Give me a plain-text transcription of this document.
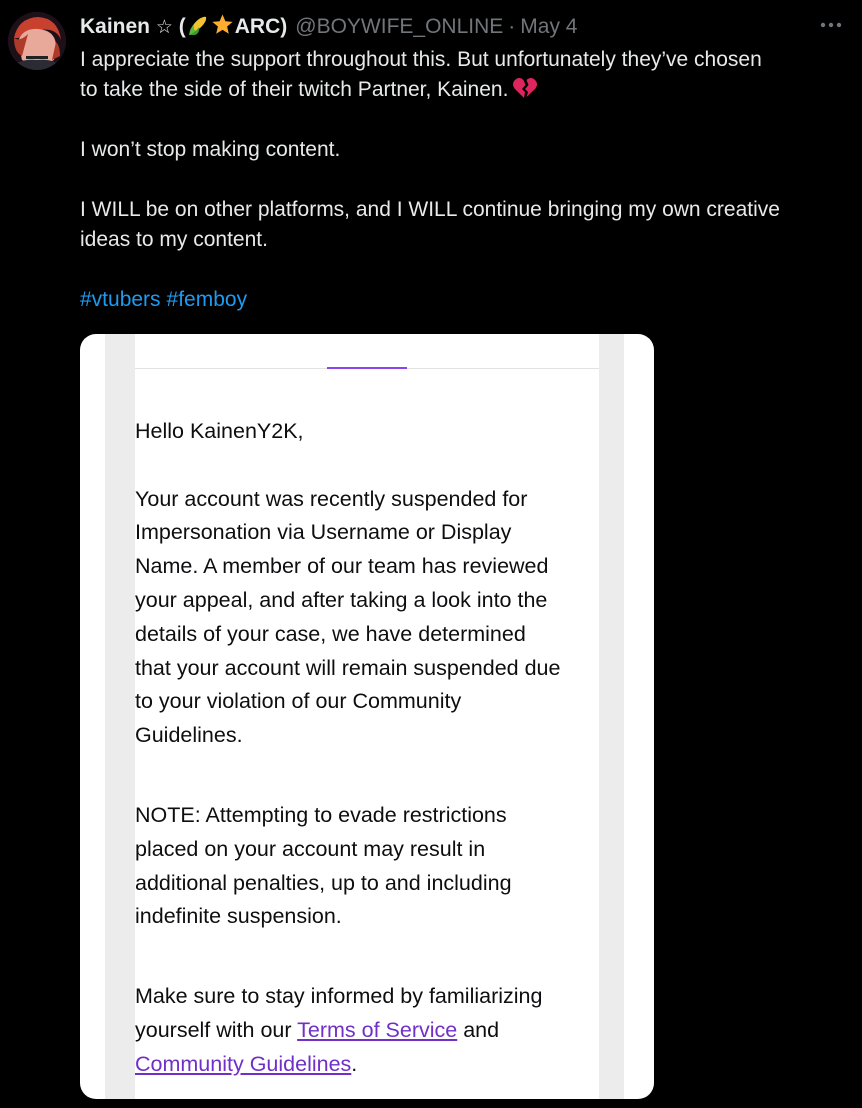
Kainen ☆ ( ARC) @BOYWIFE_ONLINE · May 4

I appreciate the support throughout this. But unfortunately they’ve chosen

to take the side of their twitch Partner, Kainen.

I won’t stop making content.

I WILL be on other platforms, and I WILL continue bringing my own creative

ideas to my content.

#vtubers #femboy

Hello KainenY2K,

Your account was recently suspended for

Impersonation via Username or Display

Name. A member of our team has reviewed

your appeal, and after taking a look into the

details of your case, we have determined

that your account will remain suspended due

to your violation of our Community

Guidelines.

NOTE: Attempting to evade restrictions

placed on your account may result in

additional penalties, up to and including

indefinite suspension.

Make sure to stay informed by familiarizing

yourself with our Terms of Service and

Community Guidelines.
